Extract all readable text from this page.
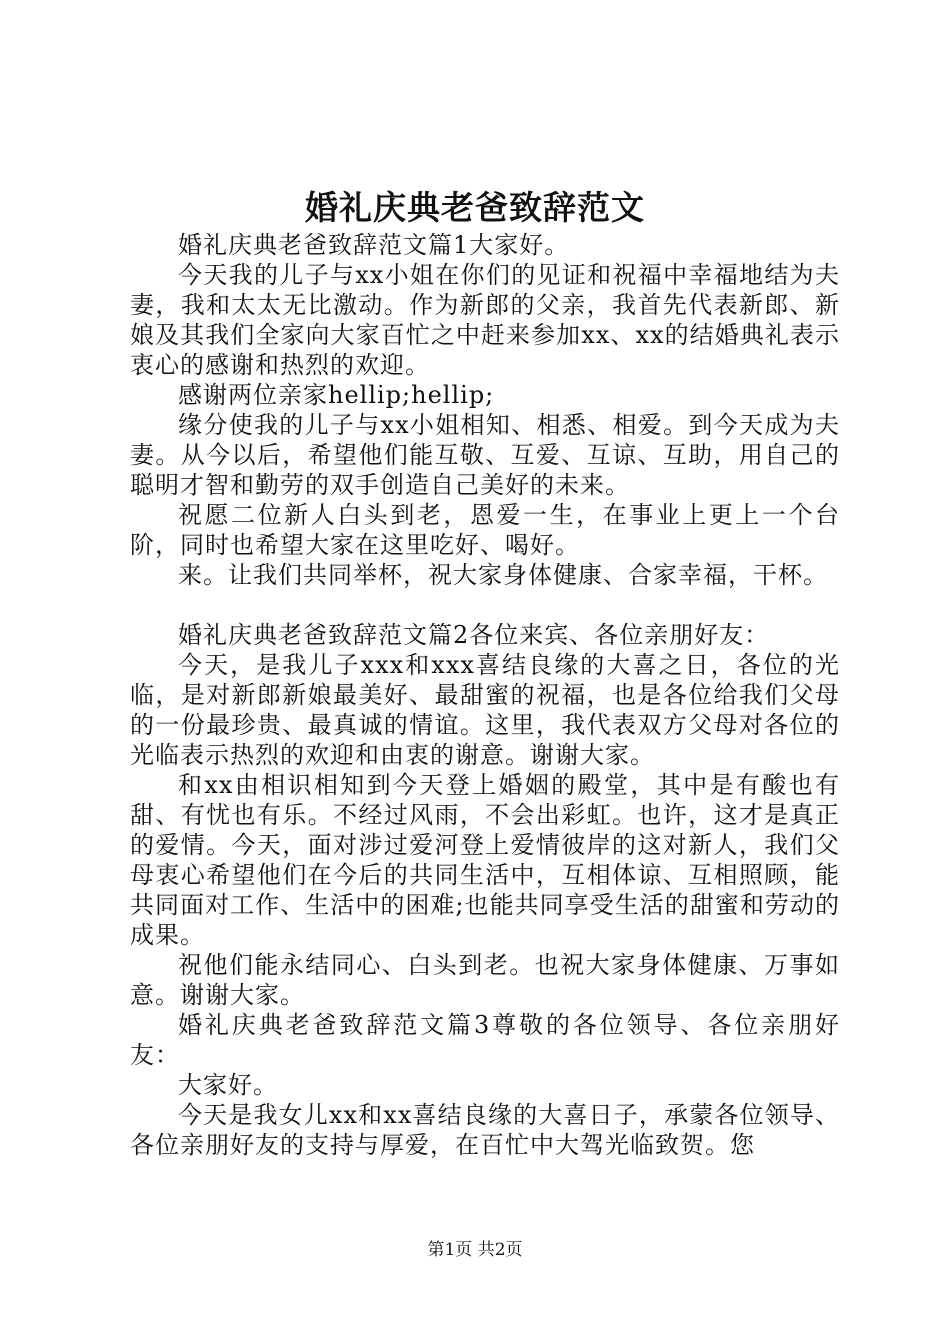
婚礼庆典老爸致辞范文

婚礼庆典老爸致辞范文篇1大家好。

今天我的儿子与xx小姐在你们的见证和祝福中幸福地结为夫妻，我和太太无比激动。作为新郎的父亲，我首先代表新郎、新娘及其我们全家向大家百忙之中赶来参加xx、xx的结婚典礼表示衷心的感谢和热烈的欢迎。

感谢两位亲家hellip;hellip;

缘分使我的儿子与xx小姐相知、相悉、相爱。到今天成为夫妻。从今以后，希望他们能互敬、互爱、互谅、互助，用自己的聪明才智和勤劳的双手创造自己美好的未来。

祝愿二位新人白头到老，恩爱一生，在事业上更上一个台阶，同时也希望大家在这里吃好、喝好。

来。让我们共同举杯，祝大家身体健康、合家幸福，干杯。

婚礼庆典老爸致辞范文篇2各位来宾、各位亲朋好友：

今天，是我儿子xxx和xxx喜结良缘的大喜之日，各位的光临，是对新郎新娘最美好、最甜蜜的祝福，也是各位给我们父母的一份最珍贵、最真诚的情谊。这里，我代表双方父母对各位的光临表示热烈的欢迎和由衷的谢意。谢谢大家。

和xx由相识相知到今天登上婚姻的殿堂，其中是有酸也有甜、有忧也有乐。不经过风雨，不会出彩虹。也许，这才是真正的爱情。今天，面对涉过爱河登上爱情彼岸的这对新人，我们父母衷心希望他们在今后的共同生活中，互相体谅、互相照顾，能共同面对工作、生活中的困难;也能共同享受生活的甜蜜和劳动的成果。

祝他们能永结同心、白头到老。也祝大家身体健康、万事如意。谢谢大家。

婚礼庆典老爸致辞范文篇3尊敬的各位领导、各位亲朋好友：

大家好。

今天是我女儿xx和xx喜结良缘的大喜日子，承蒙各位领导、各位亲朋好友的支持与厚爱，在百忙中大驾光临致贺。您

第1页 共2页
